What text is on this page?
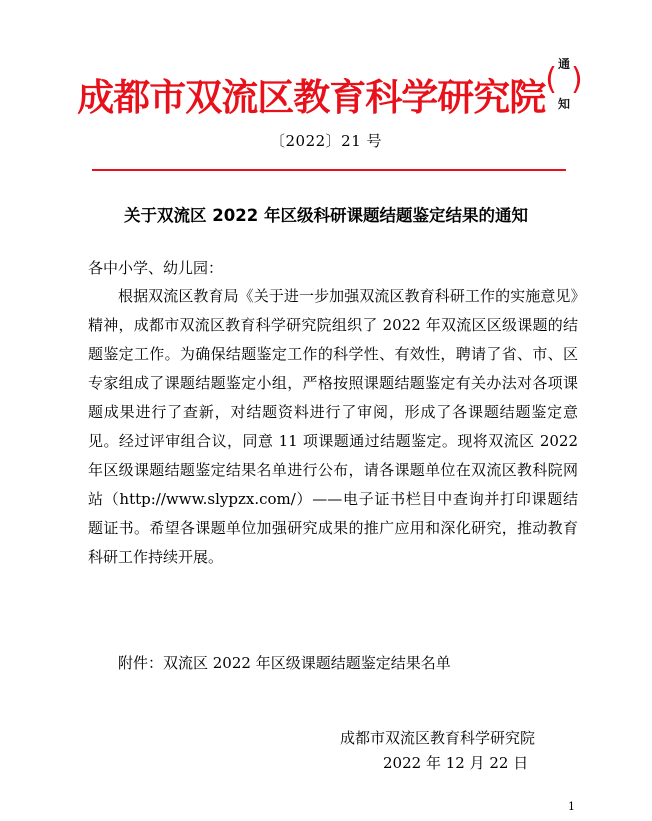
成都市双流区教育科学研究院 ( 通知
)
〔2022〕21 号
关于双流区 2022 年区级科研课题结题鉴定结果的通知
各中小学、幼儿园：
根据双流区教育局《关于进一步加强双流区教育科研工作的实施意见》精神，成都市双流区教育科学研究院组织了 2022 年双流区区级课题的结题鉴定工作。为确保结题鉴定工作的科学性、有效性，聘请了省、市、区专家组成了课题结题鉴定小组，严格按照课题结题鉴定有关办法对各项课题成果进行了查新，对结题资料进行了审阅，形成了各课题结题鉴定意见。经过评审组合议，同意 11 项课题通过结题鉴定。现将双流区 2022 年区级课题结题鉴定结果名单进行公布，请各课题单位在双流区教科院网站（http://www.slypzx.com/）——电子证书栏目中查询并打印课题结题证书。希望各课题单位加强研究成果的推广应用和深化研究，推动教育科研工作持续开展。
附件：双流区 2022 年区级课题结题鉴定结果名单
成都市双流区教育科学研究院
2022 年 12 月 22 日
1
